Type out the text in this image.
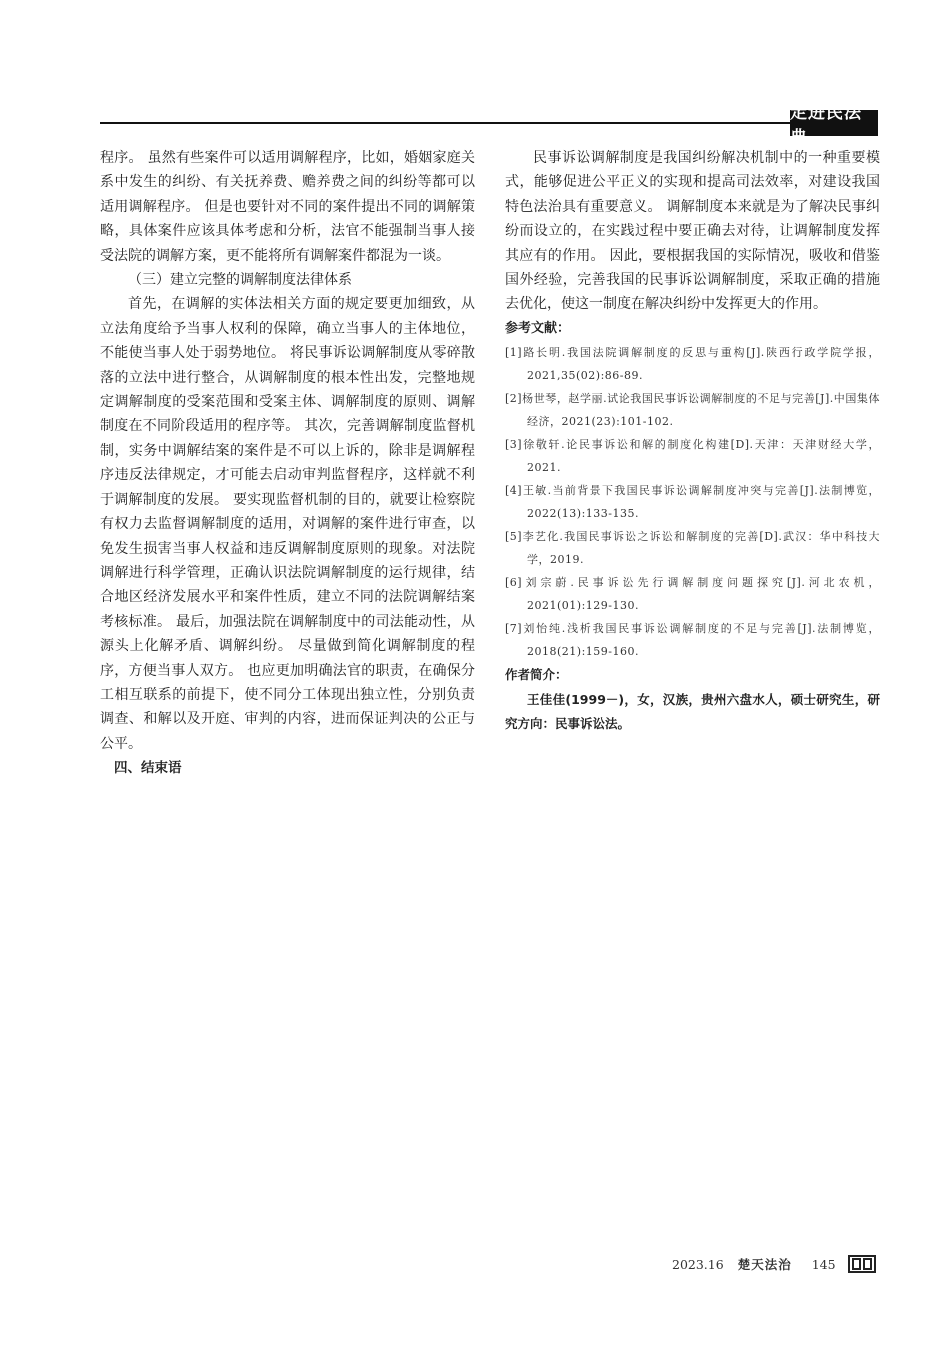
走进民法典

程序。 虽然有些案件可以适用调解程序，比如，婚姻家庭关系中发生的纠纷、有关抚养费、赡养费之间的纠纷等都可以适用调解程序。 但是也要针对不同的案件提出不同的调解策略，具体案件应该具体考虑和分析，法官不能强制当事人接受法院的调解方案，更不能将所有调解案件都混为一谈。

（三）建立完整的调解制度法律体系

首先，在调解的实体法相关方面的规定要更加细致，从立法角度给予当事人权利的保障，确立当事人的主体地位，不能使当事人处于弱势地位。 将民事诉讼调解制度从零碎散落的立法中进行整合，从调解制度的根本性出发，完整地规定调解制度的受案范围和受案主体、调解制度的原则、调解制度在不同阶段适用的程序等。 其次，完善调解制度监督机制，实务中调解结案的案件是不可以上诉的，除非是调解程序违反法律规定，才可能去启动审判监督程序，这样就不利于调解制度的发展。 要实现监督机制的目的，就要让检察院有权力去监督调解制度的适用，对调解的案件进行审查，以免发生损害当事人权益和违反调解制度原则的现象。对法院调解进行科学管理，正确认识法院调解制度的运行规律，结合地区经济发展水平和案件性质，建立不同的法院调解结案考核标准。 最后，加强法院在调解制度中的司法能动性，从源头上化解矛盾、调解纠纷。 尽量做到简化调解制度的程序，方便当事人双方。 也应更加明确法官的职责，在确保分工相互联系的前提下，使不同分工体现出独立性，分别负责调查、和解以及开庭、审判的内容，进而保证判决的公正与公平。

四、结束语

民事诉讼调解制度是我国纠纷解决机制中的一种重要模式，能够促进公平正义的实现和提高司法效率，对建设我国特色法治具有重要意义。 调解制度本来就是为了解决民事纠纷而设立的，在实践过程中要正确去对待，让调解制度发挥其应有的作用。 因此，要根据我国的实际情况，吸收和借鉴国外经验，完善我国的民事诉讼调解制度，采取正确的措施去优化，使这一制度在解决纠纷中发挥更大的作用。

参考文献：

[1]路长明.我国法院调解制度的反思与重构[J].陕西行政学院学报，2021,35(02):86-89.
[2]杨世琴，赵学丽.试论我国民事诉讼调解制度的不足与完善[J].中国集体经济，2021(23):101-102.
[3]徐敬轩.论民事诉讼和解的制度化构建[D].天津：天津财经大学，2021.
[4]王敏.当前背景下我国民事诉讼调解制度冲突与完善[J].法制博览，2022(13):133-135.
[5]李艺化.我国民事诉讼之诉讼和解制度的完善[D].武汉：华中科技大学，2019.
[6]刘宗蔚.民事诉讼先行调解制度问题探究[J].河北农机，2021(01):129-130.
[7]刘怡纯.浅析我国民事诉讼调解制度的不足与完善[J].法制博览，2018(21):159-160.

作者简介：

王佳佳(1999－)，女，汉族，贵州六盘水人，硕士研究生，研究方向：民事诉讼法。

2023.16 楚天法治 145
